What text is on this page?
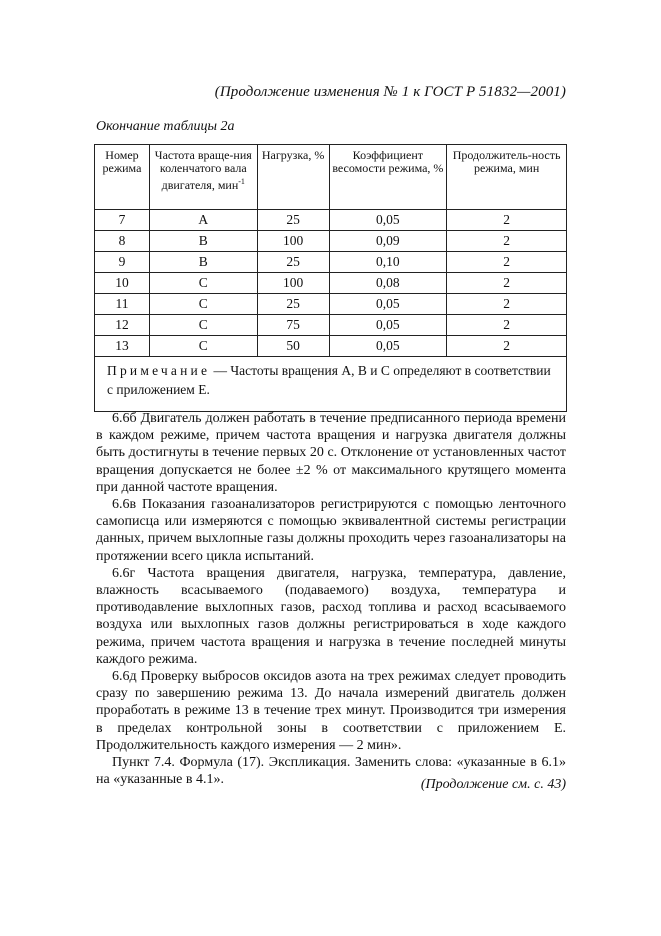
(Продолжение изменения № 1 к ГОСТ Р 51832—2001)
Окончание таблицы 2а
Номер режима	Частота враще-ния коленчатого вала двигателя, мин$^{-1}$	Нагрузка, %	Коэффициент весомости режима, %	Продолжитель-ность режима, мин
7	A	25	0,05	2
8	B	100	0,09	2
9	B	25	0,10	2
10	C	100	0,08	2
11	C	25	0,05	2
12	C	75	0,05	2
13	C	50	0,05	2
Примечание — Частоты вращения А, В и С определяют в соответствии с приложением Е.				

6.6б Двигатель должен работать в течение предписанного периода времени в каждом режиме, причем частота вращения и нагрузка двигателя должны быть достигнуты в течение первых 20 с. Отклонение от установленных частот вращения допускается не более ±2 % от максимального крутящего момента при данной частоте вращения.

6.6в Показания газоанализаторов регистрируются с помощью ленточного самописца или измеряются с помощью эквивалентной системы регистрации данных, причем выхлопные газы должны проходить через газоанализаторы на протяжении всего цикла испытаний.

6.6г Частота вращения двигателя, нагрузка, температура, давление, влажность всасываемого (подаваемого) воздуха, температура и противодавление выхлопных газов, расход топлива и расход всасываемого воздуха или выхлопных газов должны регистрироваться в ходе каждого режима, причем частота вращения и нагрузка в течение последней минуты каждого режима.

6.6д Проверку выбросов оксидов азота на трех режимах следует проводить сразу по завершению режима 13. До начала измерений двигатель должен проработать в режиме 13 в течение трех минут. Производится три измерения в пределах контрольной зоны в соответствии с приложением Е. Продолжительность каждого измерения — 2 мин».

Пункт 7.4. Формула (17). Экспликация. Заменить слова: «указанные в 6.1» на «указанные в 4.1».	(Продолжение см. с. 43)
